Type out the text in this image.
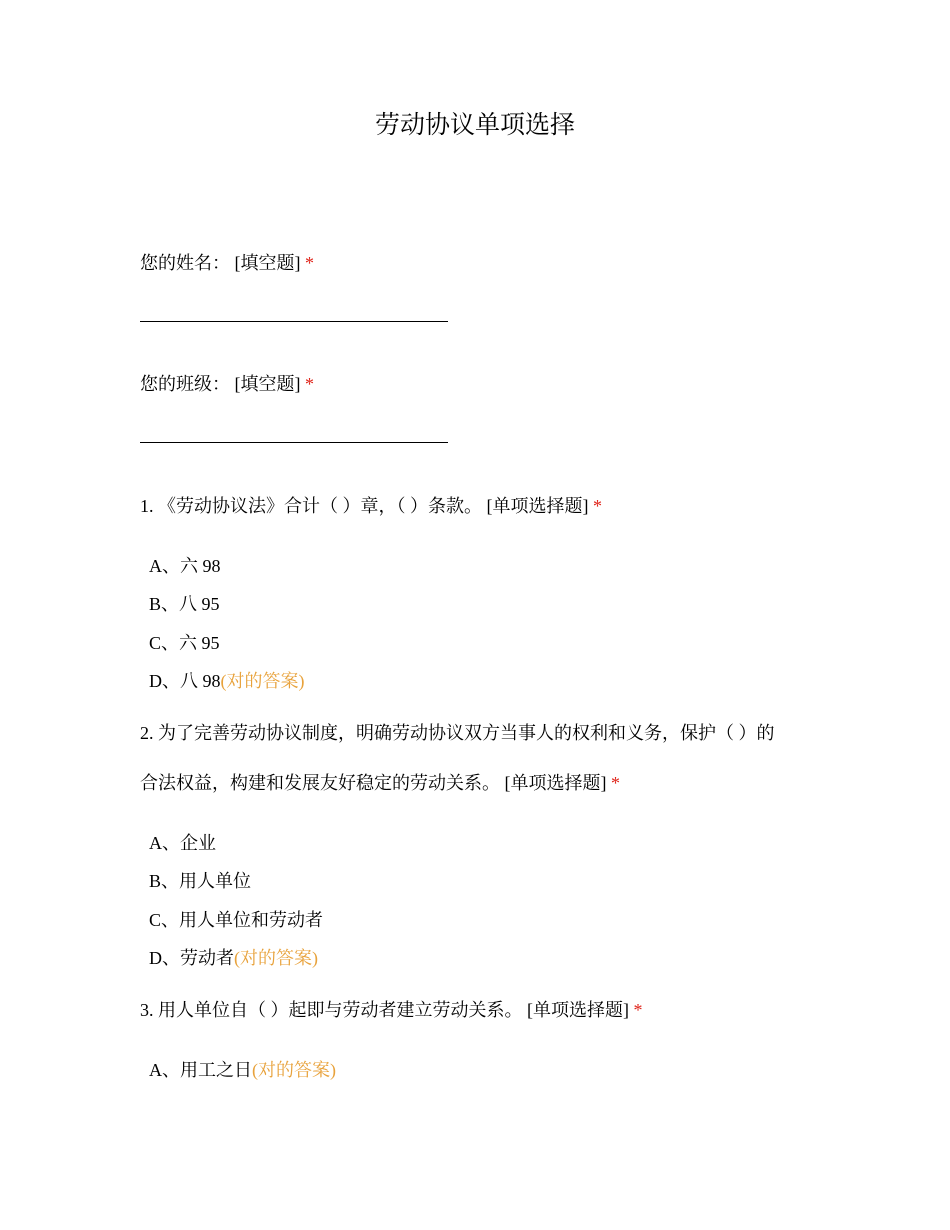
劳动协议单项选择
您的姓名： [填空题] *
您的班级： [填空题] *
1. 《劳动协议法》合计（ ）章，（ ）条款。 [单项选择题] *
A、六 98
B、八 95
C、六 95
D、八 98(对的答案)
2. 为了完善劳动协议制度，明确劳动协议双方当事人的权利和义务，保护（ ）的
合法权益，构建和发展友好稳定的劳动关系。 [单项选择题] *
A、企业
B、用人单位
C、用人单位和劳动者
D、劳动者(对的答案)
3. 用人单位自（ ）起即与劳动者建立劳动关系。 [单项选择题] *
A、用工之日(对的答案)
